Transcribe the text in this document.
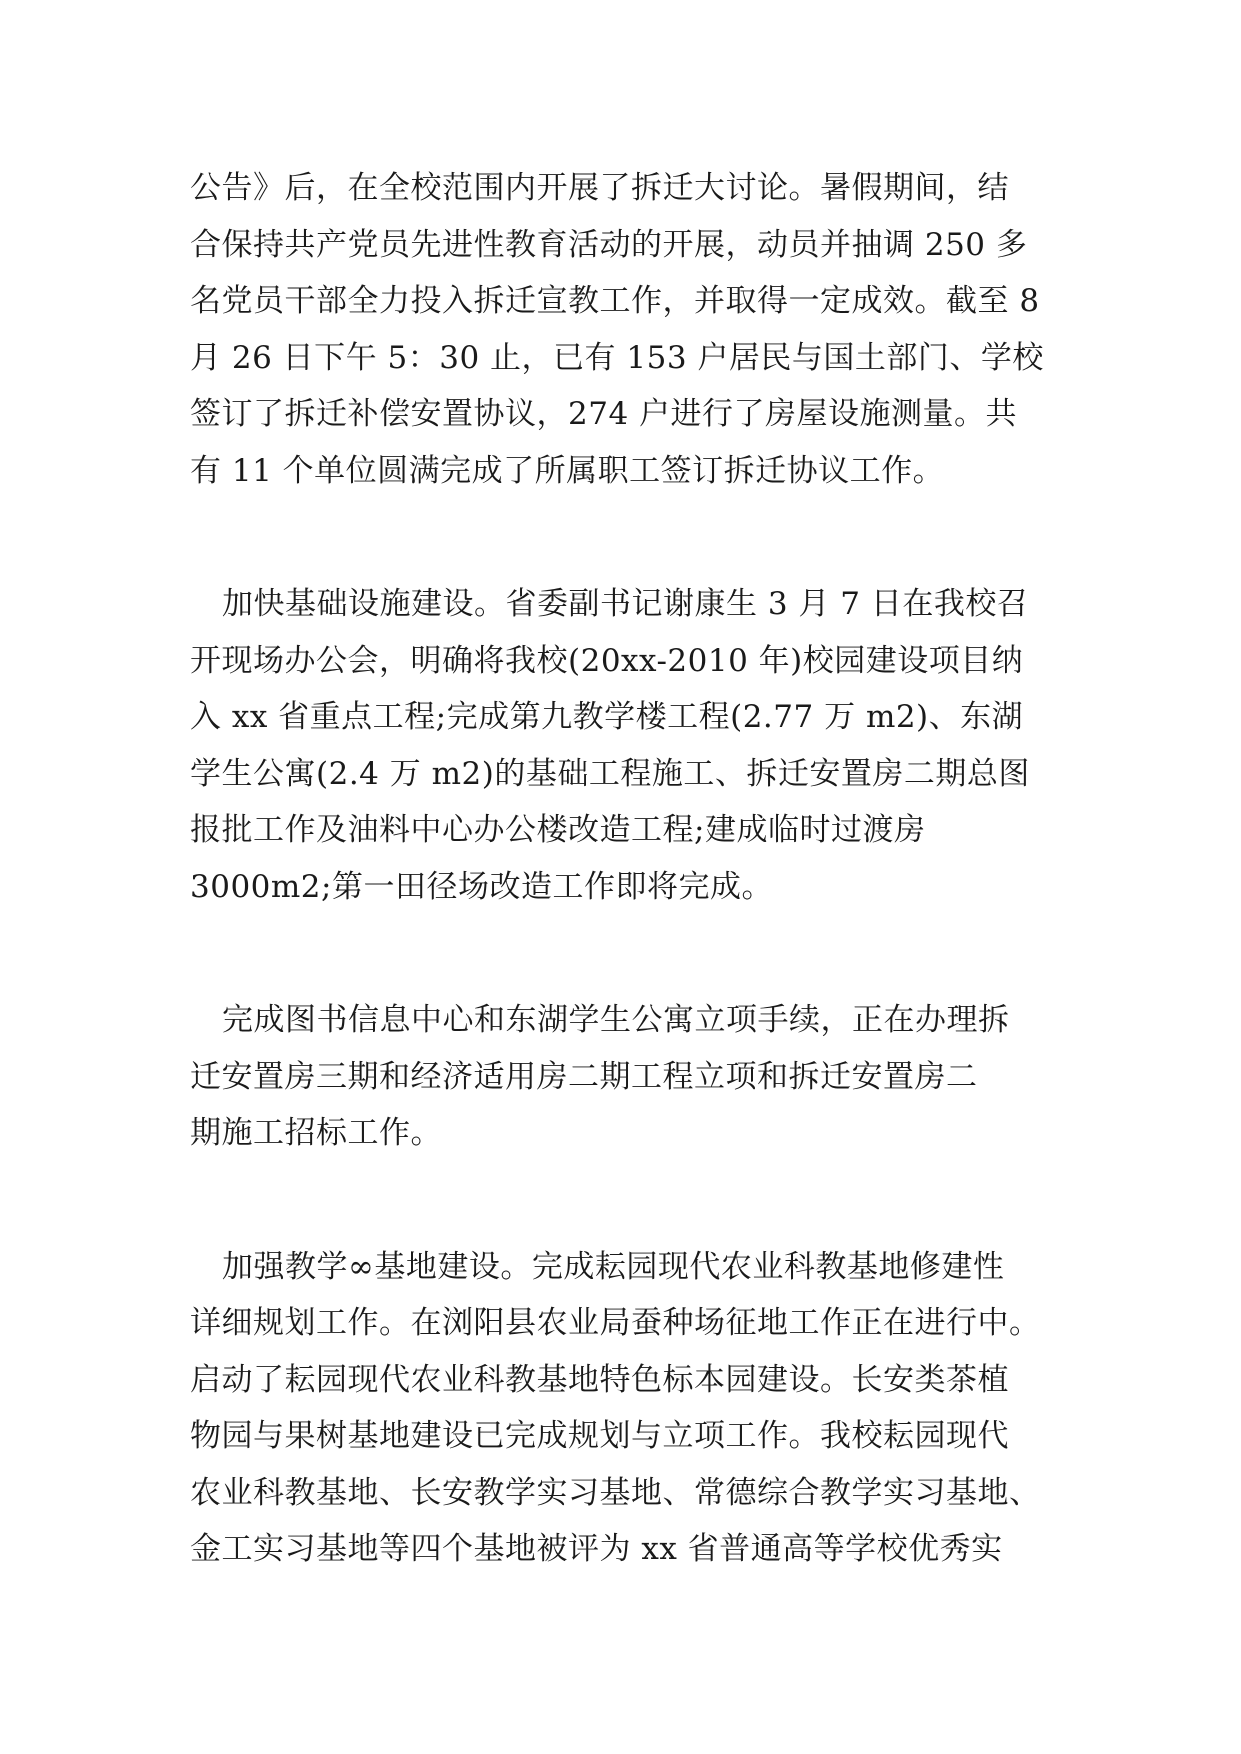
公告》后，在全校范围内开展了拆迁大讨论。暑假期间，结
合保持共产党员先进性教育活动的开展，动员并抽调 250 多
名党员干部全力投入拆迁宣教工作，并取得一定成效。截至 8
月 26 日下午 5：30 止，已有 153 户居民与国土部门、学校
签订了拆迁补偿安置协议，274 户进行了房屋设施测量。共
有 11 个单位圆满完成了所属职工签订拆迁协议工作。

加快基础设施建设。省委副书记谢康生 3 月 7 日在我校召
开现场办公会，明确将我校(20xx-2010 年)校园建设项目纳
入 xx 省重点工程;完成第九教学楼工程(2.77 万 m2)、东湖
学生公寓(2.4 万 m2)的基础工程施工、拆迁安置房二期总图
报批工作及油料中心办公楼改造工程;建成临时过渡房
3000m2;第一田径场改造工作即将完成。

完成图书信息中心和东湖学生公寓立项手续，正在办理拆
迁安置房三期和经济适用房二期工程立项和拆迁安置房二
期施工招标工作。

加强教学∞基地建设。完成耘园现代农业科教基地修建性
详细规划工作。在浏阳县农业局蚕种场征地工作正在进行中。
启动了耘园现代农业科教基地特色标本园建设。长安类茶植
物园与果树基地建设已完成规划与立项工作。我校耘园现代
农业科教基地、长安教学实习基地、常德综合教学实习基地、
金工实习基地等四个基地被评为 xx 省普通高等学校优秀实
